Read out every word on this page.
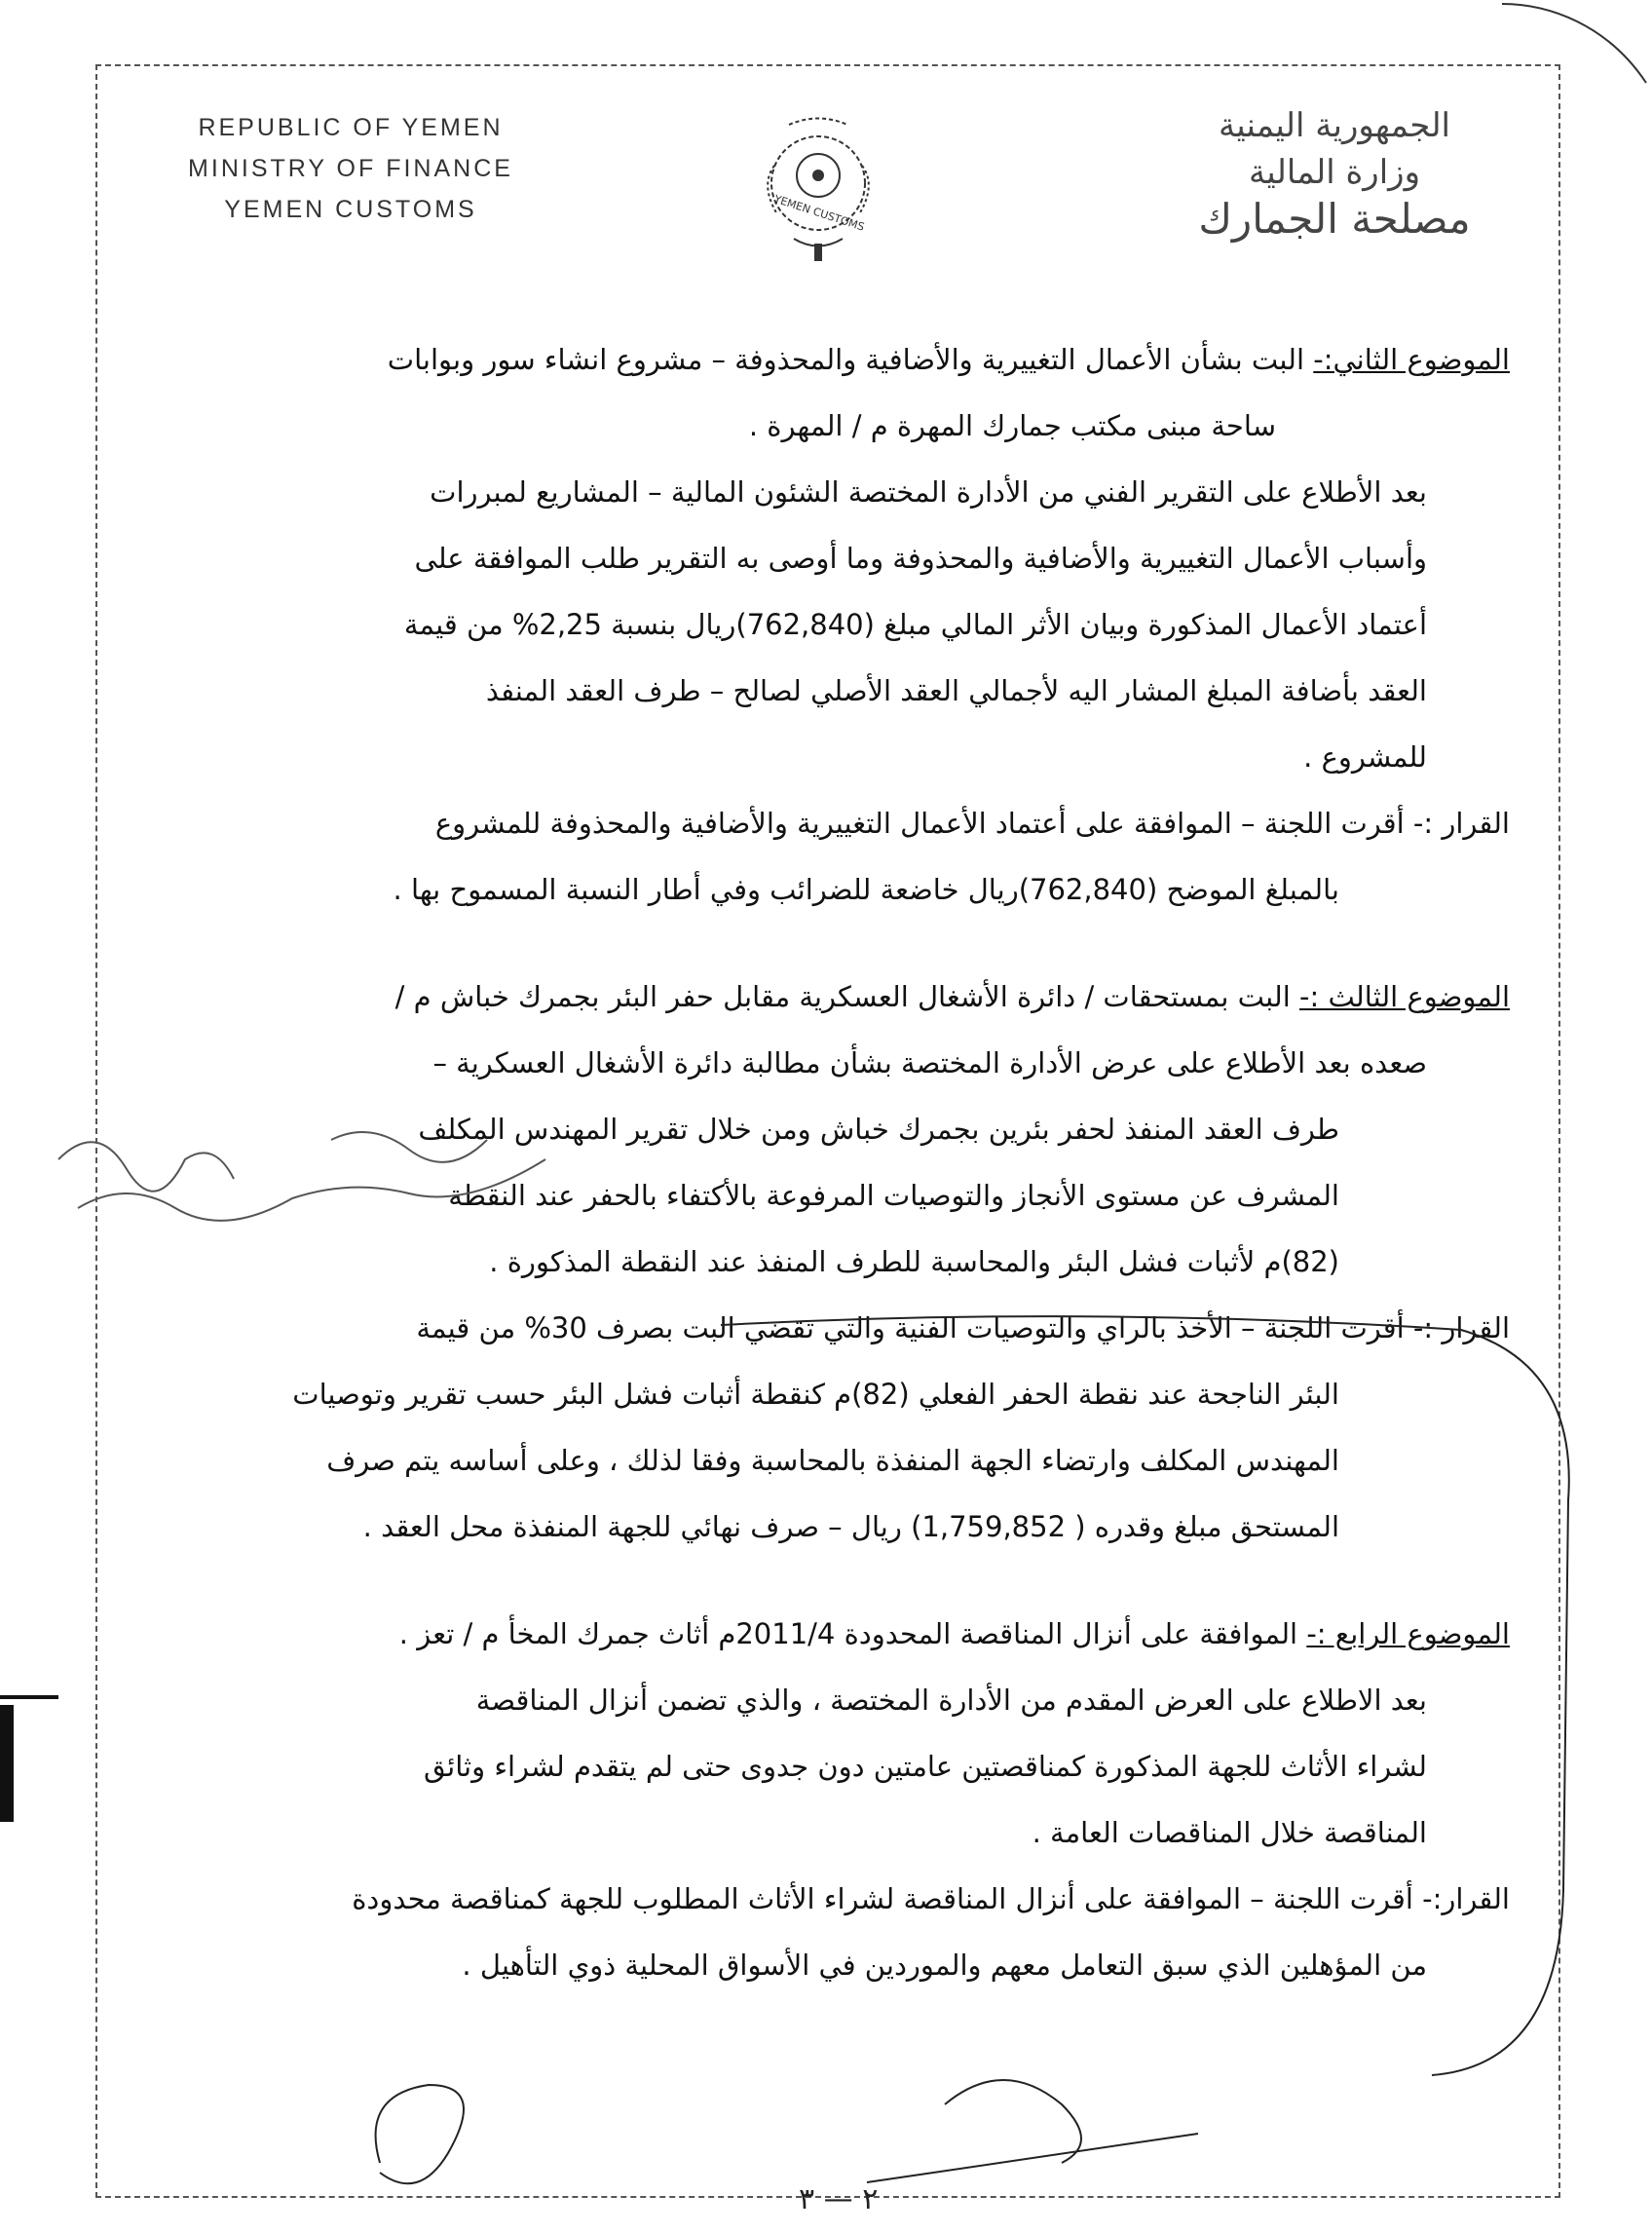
REPUBLIC OF YEMEN
MINISTRY OF FINANCE
YEMEN CUSTOMS	YEMEN CUSTOMS
الجمهورية اليمنية
وزارة المالية
مصلحة الجمارك
الموضوع الثاني:- البت بشأن الأعمال التغييرية والأضافية والمحذوفة – مشروع انشاء سور وبوابات
ساحة مبنى مكتب جمارك المهرة م / المهرة .
بعد الأطلاع على التقرير الفني من الأدارة المختصة الشئون المالية – المشاريع لمبررات
وأسباب الأعمال التغييرية والأضافية والمحذوفة وما أوصى به التقرير طلب الموافقة على
أعتماد الأعمال المذكورة وبيان الأثر المالي مبلغ (762,840)ريال بنسبة 2,25% من قيمة
العقد بأضافة المبلغ المشار اليه لأجمالي العقد الأصلي لصالح – طرف العقد المنفذ
للمشروع .
القرار :- أقرت اللجنة – الموافقة على أعتماد الأعمال التغييرية والأضافية والمحذوفة للمشروع
بالمبلغ الموضح (762,840)ريال خاضعة للضرائب وفي أطار النسبة المسموح بها .
الموضوع الثالث :- البت بمستحقات / دائرة الأشغال العسكرية مقابل حفر البئر بجمرك خباش م /
صعده بعد الأطلاع على عرض الأدارة المختصة بشأن مطالبة دائرة الأشغال العسكرية –
طرف العقد المنفذ لحفر بئرين بجمرك خباش ومن خلال تقرير المهندس المكلف
المشرف عن مستوى الأنجاز والتوصيات المرفوعة بالأكتفاء بالحفر عند النقطة
(82)م لأثبات فشل البئر والمحاسبة للطرف المنفذ عند النقطة المذكورة .
القرار :- أقرت اللجنة – الأخذ بالراي والتوصيات الفنية والتي تقضي البت بصرف 30% من قيمة
البئر الناجحة عند نقطة الحفر الفعلي (82)م كنقطة أثبات فشل البئر حسب تقرير وتوصيات
المهندس المكلف وارتضاء الجهة المنفذة بالمحاسبة وفقا لذلك ، وعلى أساسه يتم صرف
المستحق مبلغ وقدره ( 1,759,852) ريال – صرف نهائي للجهة المنفذة محل العقد .
الموضوع الرابع :- الموافقة على أنزال المناقصة المحدودة 2011/4م أثاث جمرك المخأ م / تعز .
بعد الاطلاع على العرض المقدم من الأدارة المختصة ، والذي تضمن أنزال المناقصة
لشراء الأثاث للجهة المذكورة كمناقصتين عامتين دون جدوى حتى لم يتقدم لشراء وثائق
المناقصة خلال المناقصات العامة .
القرار:- أقرت اللجنة – الموافقة على أنزال المناقصة لشراء الأثاث المطلوب للجهة كمناقصة محدودة
من المؤهلين الذي سبق التعامل معهم والموردين في الأسواق المحلية ذوي التأهيل .
٢ — ٣
